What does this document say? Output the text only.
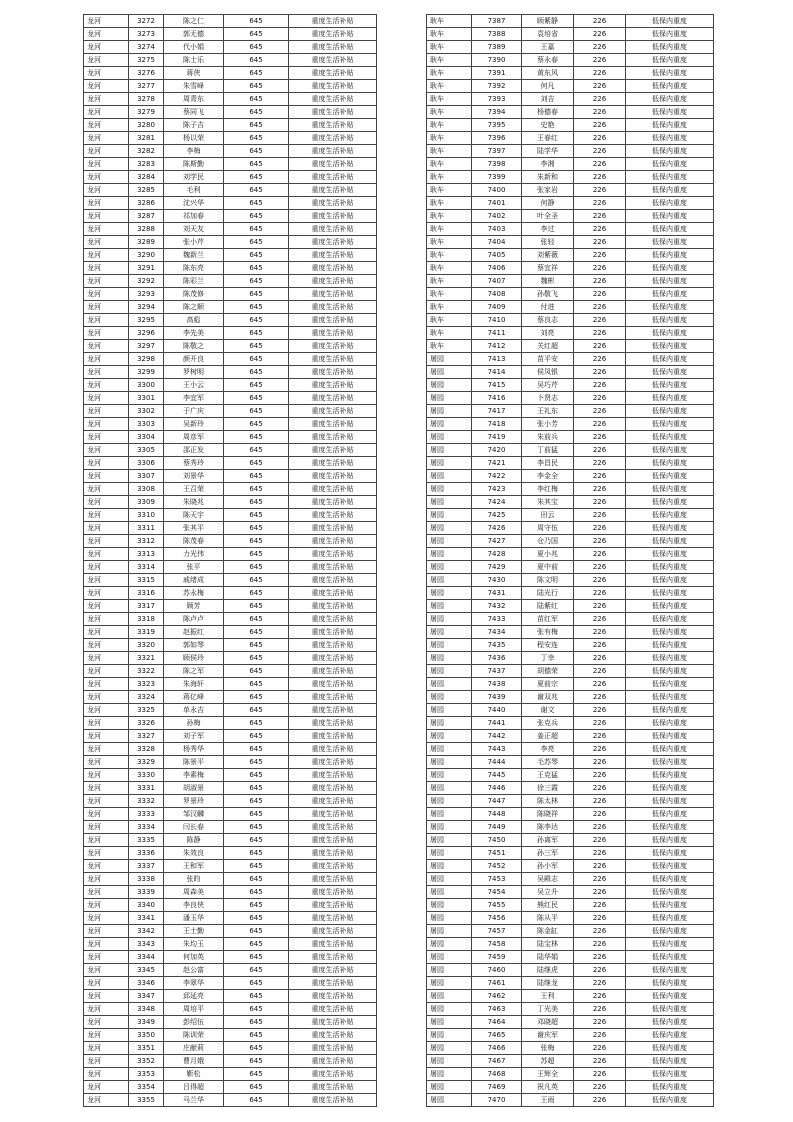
龙河	3272	陈之仁	645	重度生活补贴
龙河	3273	郭无德	645	重度生活补贴
龙河	3274	代小娟	645	重度生活补贴
龙河	3275	陈士乐	645	重度生活补贴
龙河	3276	蒋侠	645	重度生活补贴
龙河	3277	朱雪峰	645	重度生活补贴
龙河	3278	周青东	645	重度生活补贴
龙河	3279	蔡同飞	645	重度生活补贴
龙河	3280	陈子吉	645	重度生活补贴
龙河	3281	杨以荣	645	重度生活补贴
龙河	3282	李梅	645	重度生活补贴
龙河	3283	陈斯勤	645	重度生活补贴
龙河	3284	刘学民	645	重度生活补贴
龙河	3285	毛利	645	重度生活补贴
龙河	3286	沈兴华	645	重度生活补贴
龙河	3287	祁加春	645	重度生活补贴
龙河	3288	刘天友	645	重度生活补贴
龙河	3289	张小芹	645	重度生活补贴
龙河	3290	魏新兰	645	重度生活补贴
龙河	3291	陈东亮	645	重度生活补贴
龙河	3292	陈彩兰	645	重度生活补贴
龙河	3293	陈茂修	645	重度生活补贴
龙河	3294	陈之顺	645	重度生活补贴
龙河	3295	高彪	645	重度生活补贴
龙河	3296	李先美	645	重度生活补贴
龙河	3297	陈敬之	645	重度生活补贴
龙河	3298	颜开良	645	重度生活补贴
龙河	3299	罗树明	645	重度生活补贴
龙河	3300	王小云	645	重度生活补贴
龙河	3301	李宜军	645	重度生活补贴
龙河	3302	于广庆	645	重度生活补贴
龙河	3303	吴新玲	645	重度生活补贴
龙河	3304	周彦军	645	重度生活补贴
龙河	3305	邵正发	645	重度生活补贴
龙河	3306	蔡秀玲	645	重度生活补贴
龙河	3307	刘景华	645	重度生活补贴
龙河	3308	王召荣	645	重度生活补贴
龙河	3309	朱晓兆	645	重度生活补贴
龙河	3310	陈天宇	645	重度生活补贴
龙河	3311	张其平	645	重度生活补贴
龙河	3312	陈茂春	645	重度生活补贴
龙河	3313	力光伟	645	重度生活补贴
龙河	3314	张平	645	重度生活补贴
龙河	3315	戚绪成	645	重度生活补贴
龙河	3316	苏永梅	645	重度生活补贴
龙河	3317	顾芳	645	重度生活补贴
龙河	3318	陈卢卢	645	重度生活补贴
龙河	3319	赵振红	645	重度生活补贴
龙河	3320	郭如琴	645	重度生活补贴
龙河	3321	顾侯玲	645	重度生活补贴
龙河	3322	陈之军	645	重度生活补贴
龙河	3323	朱海轩	645	重度生活补贴
龙河	3324	蒋亿峰	645	重度生活补贴
龙河	3325	单永吉	645	重度生活补贴
龙河	3326	孙梅	645	重度生活补贴
龙河	3327	刘子军	645	重度生活补贴
龙河	3328	杨秀华	645	重度生活补贴
龙河	3329	陈景平	645	重度生活补贴
龙河	3330	李素梅	645	重度生活补贴
龙河	3331	胡淑景	645	重度生活补贴
龙河	3332	罗景玲	645	重度生活补贴
龙河	3333	邹汉麟	645	重度生活补贴
龙河	3334	闫长春	645	重度生活补贴
龙河	3335	陈静	645	重度生活补贴
龙河	3336	朱效良	645	重度生活补贴
龙河	3337	王和军	645	重度生活补贴
龙河	3338	张昀	645	重度生活补贴
龙河	3339	周森美	645	重度生活补贴
龙河	3340	李良侠	645	重度生活补贴
龙河	3341	潘玉华	645	重度生活补贴
龙河	3342	王士勤	645	重度生活补贴
龙河	3343	朱均玉	645	重度生活补贴
龙河	3344	何加英	645	重度生活补贴
龙河	3345	赵公富	645	重度生活补贴
龙河	3346	李翠华	645	重度生活补贴
龙河	3347	邱延亮	645	重度生活补贴
龙河	3348	周培平	645	重度生活补贴
龙河	3349	彭绍伍	645	重度生活补贴
龙河	3350	陈训荣	645	重度生活补贴
龙河	3351	庄献莉	645	重度生活补贴
龙河	3352	曹月娥	645	重度生活补贴
龙河	3353	靳松	645	重度生活补贴
龙河	3354	吕得超	645	重度生活补贴
龙河	3355	马兰华	645	重度生活补贴
耿车	7387	顾紫静	226	低保内重度
耿车	7388	袁培省	226	低保内重度
耿车	7389	王嘉	226	低保内重度
耿车	7390	蔡永春	226	低保内重度
耿车	7391	黄东风	226	低保内重度
耿车	7392	何凡	226	低保内重度
耿车	7393	刘吉	226	低保内重度
耿车	7394	杨德春	226	低保内重度
耿车	7395	史艳	226	低保内重度
耿车	7396	王春红	226	低保内重度
耿车	7397	陆学华	226	低保内重度
耿车	7398	李湘	226	低保内重度
耿车	7399	朱新和	226	低保内重度
耿车	7400	张家岩	226	低保内重度
耿车	7401	何静	226	低保内重度
耿车	7402	叶全圣	226	低保内重度
耿车	7403	李过	226	低保内重度
耿车	7404	张轻	226	低保内重度
耿车	7405	刘紫薇	226	低保内重度
耿车	7406	蔡宜祥	226	低保内重度
耿车	7407	魏彬	226	低保内重度
耿车	7408	孙敬飞	226	低保内重度
耿车	7409	付进	226	低保内重度
耿车	7410	蔡良志	226	低保内重度
耿车	7411	刘亮	226	低保内重度
耿车	7412	关红超	226	低保内重度
屠园	7413	苗平安	226	低保内重度
屠园	7414	侯凤银	226	低保内重度
屠园	7415	吴巧芹	226	低保内重度
屠园	7416	卜贤志	226	低保内重度
屠园	7417	王礼东	226	低保内重度
屠园	7418	张小芳	226	低保内重度
屠园	7419	朱前兵	226	低保内重度
屠园	7420	丁前猛	226	低保内重度
屠园	7421	李昌民	226	低保内重度
屠园	7422	李金全	226	低保内重度
屠园	7423	李红梅	226	低保内重度
屠园	7424	朱其宝	226	低保内重度
屠园	7425	田云	226	低保内重度
屠园	7426	周守伍	226	低保内重度
屠园	7427	仓乃国	226	低保内重度
屠园	7428	夏小兆	226	低保内重度
屠园	7429	夏中前	226	低保内重度
屠园	7430	陈文明	226	低保内重度
屠园	7431	陆光行	226	低保内重度
屠园	7432	陆紫红	226	低保内重度
屠园	7433	苗红军	226	低保内重度
屠园	7434	张有梅	226	低保内重度
屠园	7435	程安连	226	低保内重度
屠园	7436	丁幸	226	低保内重度
屠园	7437	胡德荣	226	低保内重度
屠园	7438	夏前宗	226	低保内重度
屠园	7439	谢双兆	226	低保内重度
屠园	7440	谢文	226	低保内重度
屠园	7441	张克兵	226	低保内重度
屠园	7442	姜正超	226	低保内重度
屠园	7443	李亮	226	低保内重度
屠园	7444	毛苏琴	226	低保内重度
屠园	7445	王克猛	226	低保内重度
屠园	7446	徐三霞	226	低保内重度
屠园	7447	陈太林	226	低保内重度
屠园	7448	陈晓祥	226	低保内重度
屠园	7449	陈李达	226	低保内重度
屠园	7450	孙离军	226	低保内重度
屠园	7451	孙三军	226	低保内重度
屠园	7452	孙小军	226	低保内重度
屠园	7453	吴殿志	226	低保内重度
屠园	7454	吴立升	226	低保内重度
屠园	7455	熊红民	226	低保内重度
屠园	7456	陈从平	226	低保内重度
屠园	7457	陈金缸	226	低保内重度
屠园	7458	陆宝林	226	低保内重度
屠园	7459	陆华娟	226	低保内重度
屠园	7460	陆继虎	226	低保内重度
屠园	7461	陆继龙	226	低保内重度
屠园	7462	王利	226	低保内重度
屠园	7463	丁光美	226	低保内重度
屠园	7464	邓晓超	226	低保内重度
屠园	7465	谢庆军	226	低保内重度
屠园	7466	张梅	226	低保内重度
屠园	7467	苏超	226	低保内重度
屠园	7468	王辉全	226	低保内重度
屠园	7469	祝凡英	226	低保内重度
屠园	7470	王雨	226	低保内重度
